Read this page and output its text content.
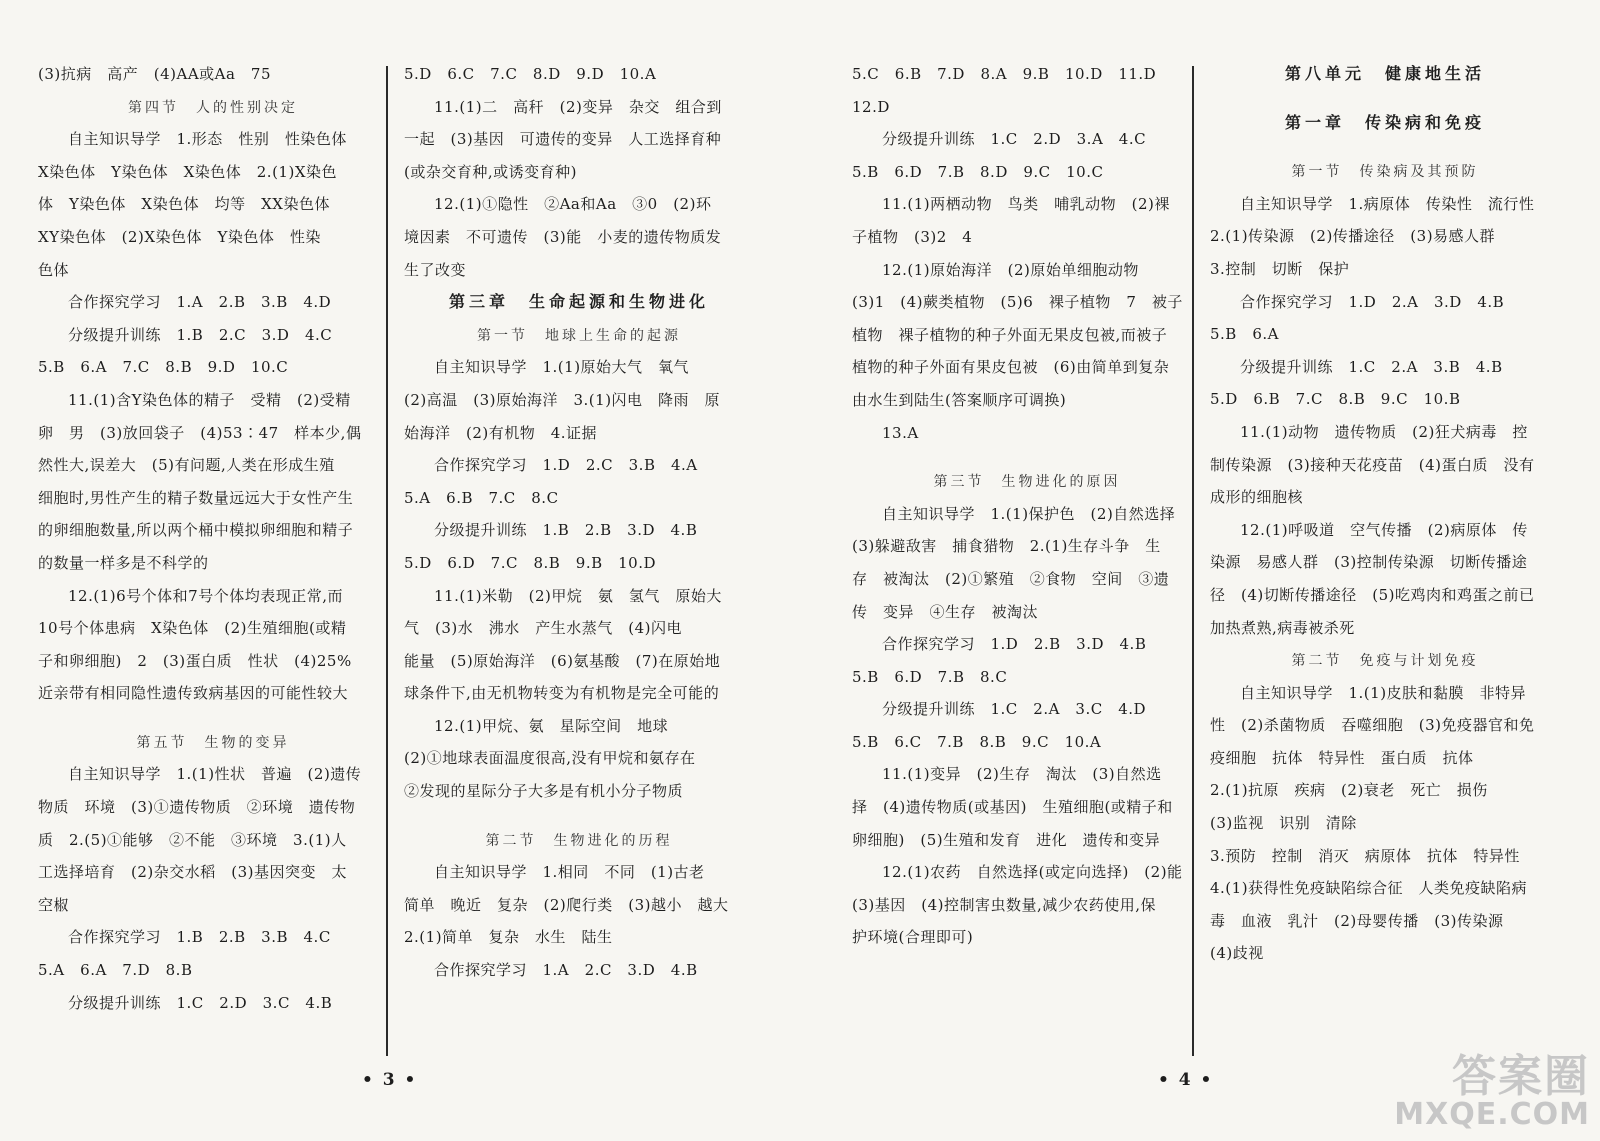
(3)抗病　高产　(4)AA或Aa　75
第四节　人的性别决定
自主知识导学　1.形态　性别　性染色体
X染色体　Y染色体　X染色体　2.(1)X染色
体　Y染色体　X染色体　均等　XX染色体
XY染色体　(2)X染色体　Y染色体　性染
色体
合作探究学习　1.A　2.B　3.B　4.D
分级提升训练　1.B　2.C　3.D　4.C
5.B　6.A　7.C　8.B　9.D　10.C
11.(1)含Y染色体的精子　受精　(2)受精
卵　男　(3)放回袋子　(4)53∶47　样本少,偶
然性大,误差大　(5)有问题,人类在形成生殖
细胞时,男性产生的精子数量远远大于女性产生
的卵细胞数量,所以两个桶中模拟卵细胞和精子
的数量一样多是不科学的
12.(1)6号个体和7号个体均表现正常,而
10号个体患病　X染色体　(2)生殖细胞(或精
子和卵细胞)　2　(3)蛋白质　性状　(4)25%
近亲带有相同隐性遗传致病基因的可能性较大
第五节　生物的变异
自主知识导学　1.(1)性状　普遍　(2)遗传
物质　环境　(3)①遗传物质　②环境　遗传物
质　2.(5)①能够　②不能　③环境　3.(1)人
工选择培育　(2)杂交水稻　(3)基因突变　太
空椒
合作探究学习　1.B　2.B　3.B　4.C
5.A　6.A　7.D　8.B
分级提升训练　1.C　2.D　3.C　4.B
5.D　6.C　7.C　8.D　9.D　10.A
11.(1)二　高秆　(2)变异　杂交　组合到
一起　(3)基因　可遗传的变异　人工选择育种
(或杂交育种,或诱变育种)
12.(1)①隐性　②Aa和Aa　③0　(2)环
境因素　不可遗传　(3)能　小麦的遗传物质发
生了改变
第三章　生命起源和生物进化
第一节　地球上生命的起源
自主知识导学　1.(1)原始大气　氧气
(2)高温　(3)原始海洋　3.(1)闪电　降雨　原
始海洋　(2)有机物　4.证据
合作探究学习　1.D　2.C　3.B　4.A
5.A　6.B　7.C　8.C
分级提升训练　1.B　2.B　3.D　4.B
5.D　6.D　7.C　8.B　9.B　10.D
11.(1)米勒　(2)甲烷　氨　氢气　原始大
气　(3)水　沸水　产生水蒸气　(4)闪电
能量　(5)原始海洋　(6)氨基酸　(7)在原始地
球条件下,由无机物转变为有机物是完全可能的
12.(1)甲烷、氨　星际空间　地球
(2)①地球表面温度很高,没有甲烷和氨存在
②发现的星际分子大多是有机小分子物质
第二节　生物进化的历程
自主知识导学　1.相同　不同　(1)古老
简单　晚近　复杂　(2)爬行类　(3)越小　越大
2.(1)简单　复杂　水生　陆生
合作探究学习　1.A　2.C　3.D　4.B
• 3 •
5.C　6.B　7.D　8.A　9.B　10.D　11.D
12.D
分级提升训练　1.C　2.D　3.A　4.C
5.B　6.D　7.B　8.D　9.C　10.C
11.(1)两栖动物　鸟类　哺乳动物　(2)裸
子植物　(3)2　4
12.(1)原始海洋　(2)原始单细胞动物
(3)1　(4)蕨类植物　(5)6　裸子植物　7　被子
植物　裸子植物的种子外面无果皮包被,而被子
植物的种子外面有果皮包被　(6)由简单到复杂
由水生到陆生(答案顺序可调换)
13.A
第三节　生物进化的原因
自主知识导学　1.(1)保护色　(2)自然选择
(3)躲避敌害　捕食猎物　2.(1)生存斗争　生
存　被淘汰　(2)①繁殖　②食物　空间　③遗
传　变异　④生存　被淘汰
合作探究学习　1.D　2.B　3.D　4.B
5.B　6.D　7.B　8.C
分级提升训练　1.C　2.A　3.C　4.D
5.B　6.C　7.B　8.B　9.C　10.A
11.(1)变异　(2)生存　淘汰　(3)自然选
择　(4)遗传物质(或基因)　生殖细胞(或精子和
卵细胞)　(5)生殖和发育　进化　遗传和变异
12.(1)农药　自然选择(或定向选择)　(2)能
(3)基因　(4)控制害虫数量,减少农药使用,保
护环境(合理即可)
第八单元　健康地生活
第一章　传染病和免疫
第一节　传染病及其预防
自主知识导学　1.病原体　传染性　流行性
2.(1)传染源　(2)传播途径　(3)易感人群
3.控制　切断　保护
合作探究学习　1.D　2.A　3.D　4.B
5.B　6.A
分级提升训练　1.C　2.A　3.B　4.B
5.D　6.B　7.C　8.B　9.C　10.B
11.(1)动物　遗传物质　(2)狂犬病毒　控
制传染源　(3)接种天花疫苗　(4)蛋白质　没有
成形的细胞核
12.(1)呼吸道　空气传播　(2)病原体　传
染源　易感人群　(3)控制传染源　切断传播途
径　(4)切断传播途径　(5)吃鸡肉和鸡蛋之前已
加热煮熟,病毒被杀死
第二节　免疫与计划免疫
自主知识导学　1.(1)皮肤和黏膜　非特异
性　(2)杀菌物质　吞噬细胞　(3)免疫器官和免
疫细胞　抗体　特异性　蛋白质　抗体
2.(1)抗原　疾病　(2)衰老　死亡　损伤
(3)监视　识别　清除
3.预防　控制　消灭　病原体　抗体　特异性
4.(1)获得性免疫缺陷综合征　人类免疫缺陷病
毒　血液　乳汁　(2)母婴传播　(3)传染源
(4)歧视
• 4 •	答案圈
MXQE.COM
